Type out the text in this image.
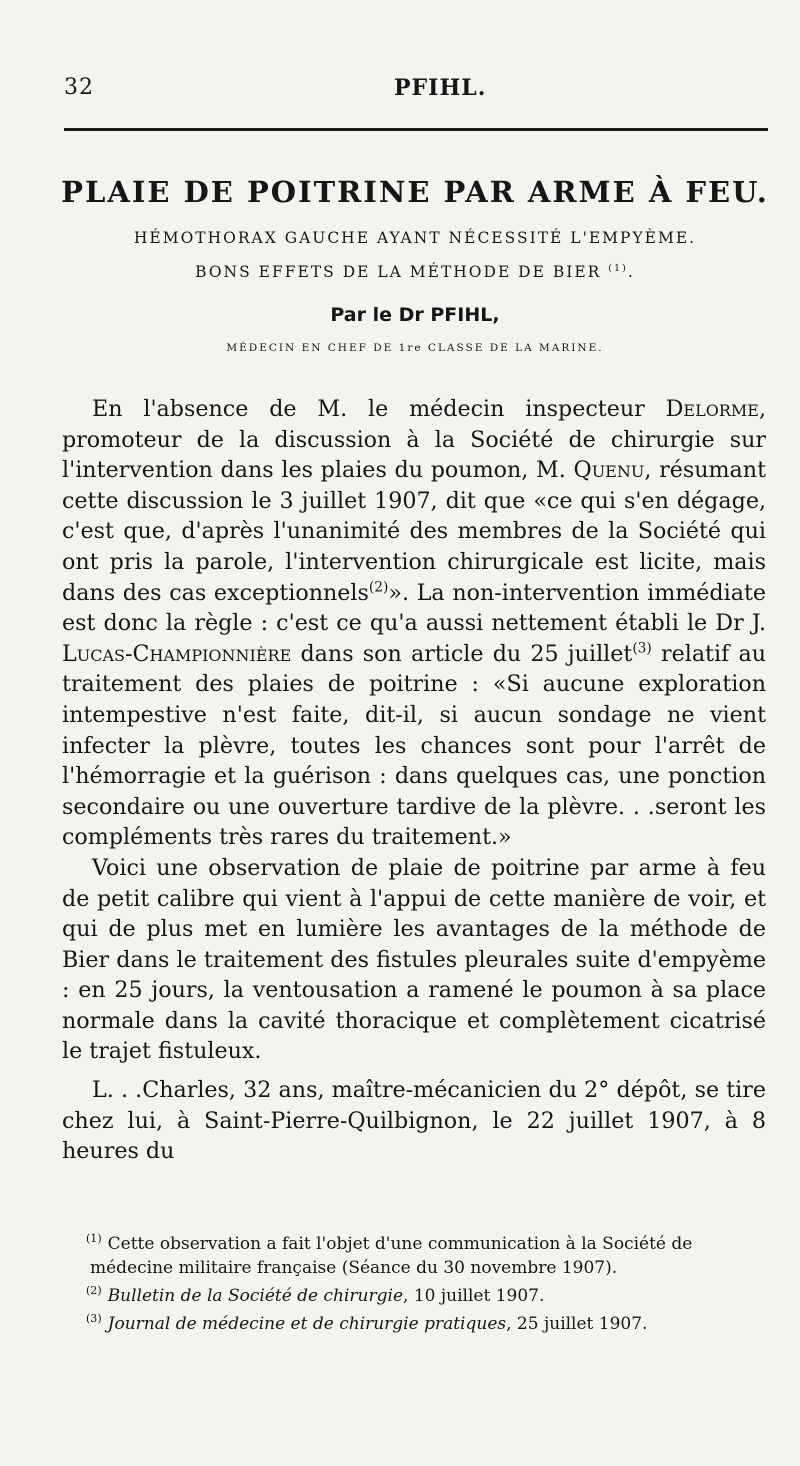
32	PFIHL.
PLAIE DE POITRINE PAR ARME À FEU.

HÉMOTHORAX GAUCHE AYANT NÉCESSITÉ L'EMPYÈME.

BONS EFFETS DE LA MÉTHODE DE BIER $^{(1)}$.

Par le Dr PFIHL,

MÉDECIN EN CHEF DE 1re CLASSE DE LA MARINE.

En l'absence de M. le médecin inspecteur Delorme, promoteur de la discussion à la Société de chirurgie sur l'intervention dans les plaies du poumon, M. Quenu, résumant cette discussion le 3 juillet 1907, dit que «ce qui s'en dégage, c'est que, d'après l'unanimité des membres de la Société qui ont pris la parole, l'intervention chirurgicale est licite, mais dans des cas exceptionnels$^{(2)}$». La non-intervention immédiate est donc la règle : c'est ce qu'a aussi nettement établi le Dr J. Lucas-Championnière dans son article du 25 juillet$^{(3)}$ relatif au traitement des plaies de poitrine : «Si aucune exploration intempestive n'est faite, dit-il, si aucun sondage ne vient infecter la plèvre, toutes les chances sont pour l'arrêt de l'hémorragie et la guérison : dans quelques cas, une ponction secondaire ou une ouverture tardive de la plèvre. . .seront les compléments très rares du traitement.»

Voici une observation de plaie de poitrine par arme à feu de petit calibre qui vient à l'appui de cette manière de voir, et qui de plus met en lumière les avantages de la méthode de Bier dans le traitement des fistules pleurales suite d'empyème : en 25 jours, la ventousation a ramené le poumon à sa place normale dans la cavité thoracique et complètement cicatrisé le trajet fistuleux.

L. . .Charles, 32 ans, maître-mécanicien du 2° dépôt, se tire chez lui, à Saint-Pierre-Quilbignon, le 22 juillet 1907, à 8 heures du

$^{(1)}$ Cette observation a fait l'objet d'une communication à la Société de médecine militaire française (Séance du 30 novembre 1907).

$^{(2)}$ Bulletin de la Société de chirurgie, 10 juillet 1907.

$^{(3)}$ Journal de médecine et de chirurgie pratiques, 25 juillet 1907.
